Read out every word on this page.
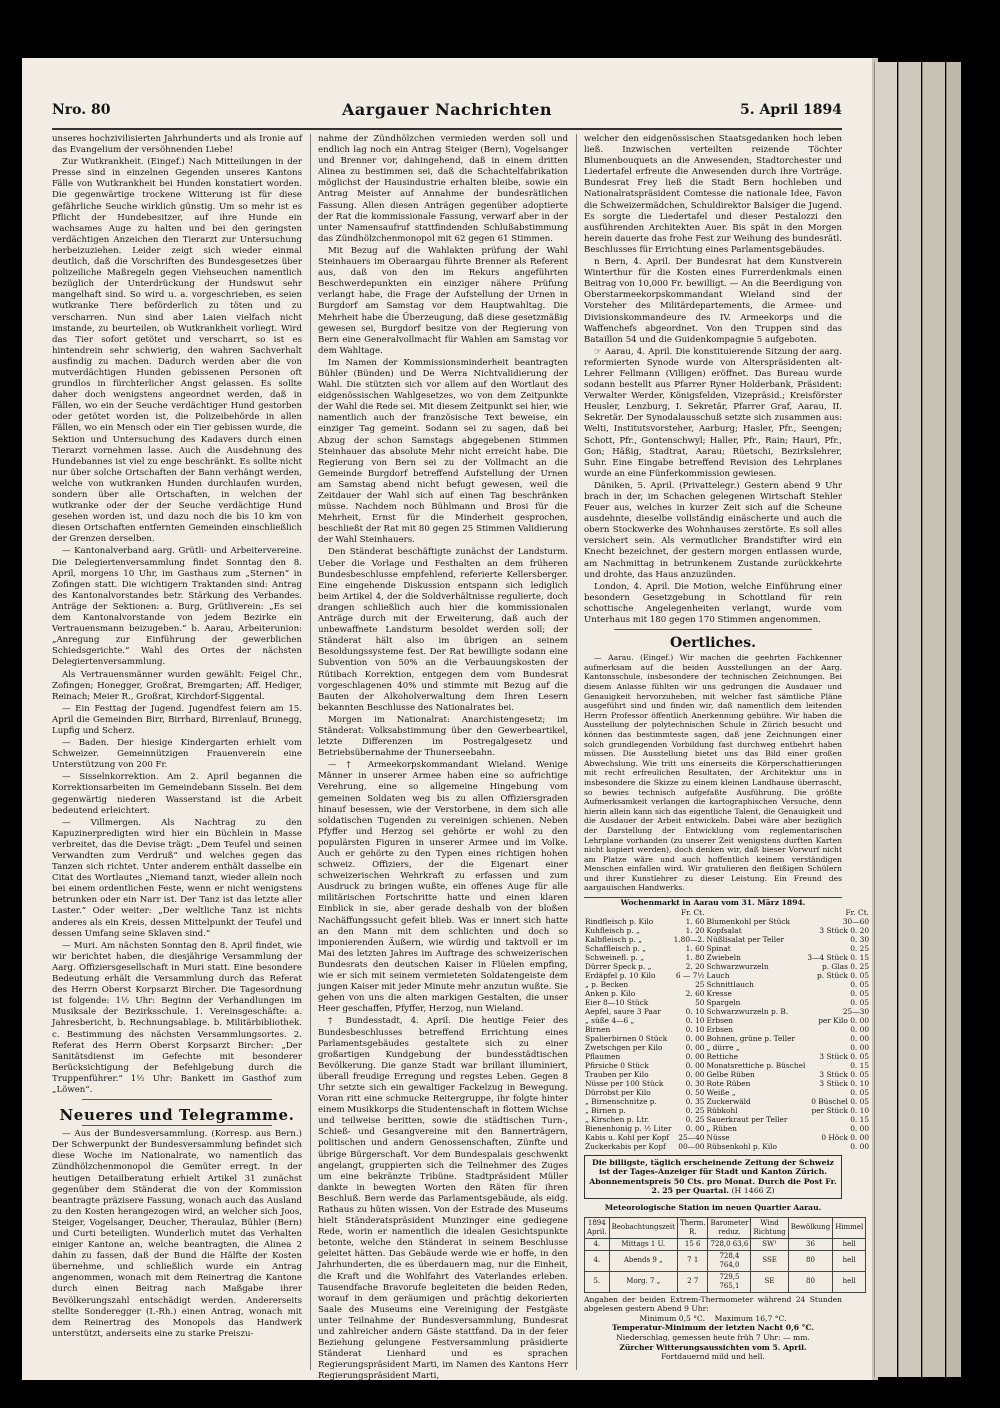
Nro. 80	Aargauer Nachrichten	5. April 1894

unseres hochzivilisierten Jahrhunderts und als Ironie auf das Evangelium der versöhnenden Liebe!

Zur Wutkrankheit. (Eingef.) Nach Mitteilungen in der Presse sind in einzelnen Gegenden unseres Kantons Fälle von Wutkrankheit bei Hunden konstatiert worden. Die gegenwärtige trockene Witterung ist für diese gefährliche Seuche wirklich günstig. Um so mehr ist es Pflicht der Hundebesitzer, auf ihre Hunde ein wachsames Auge zu halten und bei den geringsten verdächtigen Anzeichen den Tierarzt zur Untersuchung herbeizuziehen. Leider zeigt sich wieder einmal deutlich, daß die Vorschriften des Bundesgesetzes über polizeiliche Maßregeln gegen Viehseuchen namentlich bezüglich der Unterdrückung der Hundswut sehr mangelhaft sind. So wird u. a. vorgeschrieben, es seien wutkranke Tiere beförderlich zu töten und zu verscharren. Nun sind aber Laien vielfach nicht imstande, zu beurteilen, ob Wutkrankheit vorliegt. Wird das Tier sofort getötet und verscharrt, so ist es hintendrein sehr schwierig, den wahren Sachverhalt ausfindig zu machen. Dadurch werden aber die von mutverdächtigen Hunden gebissenen Personen oft grundlos in fürchterlicher Angst gelassen. Es sollte daher doch wenigstens angeordnet werden, daß in Fällen, wo ein der Seuche verdächtiger Hund gestorben oder getötet worden ist, die Polizeibehörde in allen Fällen, wo ein Mensch oder ein Tier gebissen wurde, die Sektion und Untersuchung des Kadavers durch einen Tierarzt vornehmen lasse. Auch die Ausdehnung des Hundebannes ist viel zu enge beschränkt. Es sollte nicht nur über solche Ortschaften der Bann verhängt werden, welche von wutkranken Hunden durchlaufen wurden, sondern über alle Ortschaften, in welchen der wutkranke oder der der Seuche verdächtige Hund gesehen worden ist, und dazu noch die bis 10 km von diesen Ortschaften entfernten Gemeinden einschließlich der Grenzen derselben.

— Kantonalverband aarg. Grütli- und Arbeitervereine. Die Delegiertenversammlung findet Sonntag den 8. April, morgens 10 Uhr, im Gasthaus zum „Sternen“ in Zofingen statt. Die wichtigern Traktanden sind: Antrag des Kantonalvorstandes betr. Stärkung des Verbandes. Anträge der Sektionen: a. Burg, Grütliverein: „Es sei dem Kantonalvorstande von jedem Bezirke ein Vertrauensmann beizugeben.“ b. Aarau, Arbeiterunion: „Anregung zur Einführung der gewerblichen Schiedsgerichte.“ Wahl des Ortes der nächsten Delegiertenversammlung.

Als Vertrauensmänner wurden gewählt: Feigel Chr., Zofingen; Honegger, Großrat, Bremgarten; Aff. Hediger, Reinach; Meier R., Großrat, Kirchdorf-Siggental.

— Ein Festtag der Jugend. Jugendfest feiern am 15. April die Gemeinden Birr, Birrhard, Birrenlauf, Brunegg, Lupfig und Scherz.

— Baden. Der hiesige Kindergarten erhielt vom Schweizer. Gemeinnützigen Frauenverein eine Unterstützung von 200 Fr.

— Sisselnkorrektion. Am 2. April begannen die Korrektionsarbeiten im Gemeindebann Sisseln. Bei dem gegenwärtig niederen Wasserstand ist die Arbeit bedeutend erleichtert.

— Villmergen. Als Nachtrag zu den Kapuzinerpredigten wird hier ein Büchlein in Masse verbreitet, das die Devise trägt: „Dem Teufel und seinen Verwandten zum Verdruß“ und welches gegen das Tanzen sich richtet. Unter anderem enthält dasselbe ein Citat des Wortlautes „Niemand tanzt, wieder allein noch bei einem ordentlichen Feste, wenn er nicht wenigstens betrunken oder ein Narr ist. Der Tanz ist das letzte aller Laster.“ Oder weiter: „Der weltliche Tanz ist nichts anderes als ein Kreis, dessen Mittelpunkt der Teufel und dessen Umfang seine Sklaven sind.“

— Muri. Am nächsten Sonntag den 8. April findet, wie wir berichtet haben, die diesjährige Versammlung der Aarg. Offiziersgesellschaft in Muri statt. Eine besondere Bedeutung erhält die Versammlung durch das Referat des Herrn Oberst Korpsarzt Bircher. Die Tagesordnung ist folgende: 1½ Uhr: Beginn der Verhandlungen im Musiksale der Bezirksschule. 1. Vereinsgeschäfte: a. Jahresbericht, b. Rechnungsablage. b. Militärbibliothek. c. Bestimmung des nächsten Versammlungsortes. 2. Referat des Herrn Oberst Korpsarzt Bircher: „Der Sanitätsdienst im Gefechte mit besonderer Berücksichtigung der Befehlgebung durch die Truppenführer.“ 1½ Uhr: Bankett im Gasthof zum „Löwen“.

Neueres und Telegramme.

— Aus der Bundesversammlung. (Korresp. aus Bern.) Der Schwerpunkt der Bundesversammlung befindet sich diese Woche im Nationalrate, wo namentlich das Zündhölzchenmonopol die Gemüter erregt. In der heutigen Detailberatung erhielt Artikel 31 zunächst gegenüber dem Ständerat die von der Kommission beantragte präzisere Fassung, wonach auch das Ausland zu den Kosten herangezogen wird, an welcher sich Joos, Steiger, Vogelsanger, Deucher, Theraulaz, Bühler (Bern) und Curti beteiligten. Wunderlich mutet das Verhalten einiger Kantone an, welche beantragten, die Alinea 2 dahin zu fassen, daß der Bund die Hälfte der Kosten übernehme, und schließlich wurde ein Antrag angenommen, wonach mit dem Reinertrag die Kantone durch einen Beitrag nach Maßgabe ihrer Bevölkerungszahl entschädigt werden. Andererseits stellte Sonderegger (I.-Rh.) einen Antrag, wonach mit dem Reinertrag des Monopols das Handwerk unterstützt, anderseits eine zu starke Preiszu-

nahme der Zündhölzchen vermieden werden soll und endlich lag noch ein Antrag Steiger (Bern), Vogelsanger und Brenner vor, dahingehend, daß in einem dritten Alinea zu bestimmen sei, daß die Schachtelfabrikation möglichst der Hausindustrie erhalten bleibe, sowie ein Antrag Meister auf Annahme der bundesrätlichen Fassung. Allen diesen Anträgen gegenüber adoptierte der Rat die kommissionale Fassung, verwarf aber in der unter Namensaufruf stattfindenden Schlußabstimmung das Zündhölzchenmonopol mit 62 gegen 61 Stimmen.

Mit Bezug auf die Wahlakten prüfung der Wahl Steinhauers im Oberaargau führte Brenner als Referent aus, daß von den im Rekurs angeführten Beschwerdepunkten ein einziger nähere Prüfung verlangt habe, die Frage der Aufstellung der Urnen in Burgdorf am Samstag vor dem Hauptwahltag. Die Mehrheit habe die Überzeugung, daß diese gesetzmäßig gewesen sei, Burgdorf besitze von der Regierung von Bern eine Generalvollmacht für Wahlen am Samstag vor dem Wahltage.

Im Namen der Kommissionsminderheit beantragten Bühler (Bünden) und De Werra Nichtvalidierung der Wahl. Die stützten sich vor allem auf den Wortlaut des eidgenössischen Wahlgesetzes, wo von dem Zeitpunkte der Wahl die Rede sei. Mit diesem Zeitpunkt sei hier, wie namentlich auch der französische Text beweise, ein einziger Tag gemeint. Sodann sei zu sagen, daß bei Abzug der schon Samstags abgegebenen Stimmen Steinhauer das absolute Mehr nicht erreicht habe. Die Regierung von Bern sei zu der Vollmacht an die Gemeinde Burgdorf betreffend Aufstellung der Urnen am Samstag abend nicht befugt gewesen, weil die Zeitdauer der Wahl sich auf einen Tag beschränken müsse. Nachdem noch Bühlmann und Brosi für die Mehrheit, Ernst für die Minderheit gesprochen, beschließt der Rat mit 80 gegen 25 Stimmen Validierung der Wahl Steinhauers.

Den Ständerat beschäftigte zunächst der Landsturm. Ueber die Vorlage und Festhalten an dem früheren Bundesbeschlusse empfehlend, referierte Kellersberger. Eine eingehende Diskussion entspann sich lediglich beim Artikel 4, der die Soldverhältnisse regulierte, doch drangen schließlich auch hier die kommissionalen Anträge durch mit der Erweiterung, daß auch der unbewaffnete Landsturm besoldet werden soll; der Ständerat hält also im übrigen an seinem Besoldungssysteme fest. Der Rat bewilligte sodann eine Subvention von 50% an die Verbauungskosten der Rütibach Korrektion, entgegen dem vom Bundesrat vorgeschlagenen 40% und stimmte mit Bezug auf die Bauten der Alkoholverwaltung dem Ihren Lesern bekannten Beschlusse des Nationalrates bei.

Morgen im Nationalrat: Anarchistengesetz; im Ständerat: Volksabstimmung über den Gewerbeartikel, letzte Differenzen im Postregalgesetz und Betriebsübernahme der Thunerseebahn.

— † Armeekorpskommandant Wieland. Wenige Männer in unserer Armee haben eine so aufrichtige Verehrung, eine so allgemeine Hingebung vom gemeinen Soldaten weg bis zu allen Offiziersgraden hinauf besessen, wie der Verstorbene, in dem sich alle soldatischen Tugenden zu vereinigen schienen. Neben Pfyffer und Herzog sei gehörte er wohl zu den populärsten Figuren in unserer Armee und im Volke. Auch er gehörte zu den Typen eines richtigen hohen schweiz. Offiziers, der die Eigenart einer schweizerischen Wehrkraft zu erfassen und zum Ausdruck zu bringen wußte, ein offenes Auge für alle militärischen Fortschritte hatte und einen klaren Einblick in sie, aber gerade deshalb von der bloßen Nachäffungssucht gefeit blieb. Was er innert sich hatte an den Mann mit dem schlichten und doch so imponierenden Äußern, wie würdig und taktvoll er im Mai des letzten Jahres im Auftrage des schweizerischen Bundesrats den deutschen Kaiser in Flüelen empfing, wie er sich mit seinem vermieteten Soldatengeiste dem jungen Kaiser mit jeder Minute mehr anzutun wußte. Sie gehen von uns die alten markigen Gestalten, die unser Heer geschaffen, Pfyffer, Herzog, nun Wieland.

† Bundesstadt, 4. April. Die heutige Feier des Bundesbeschlusses betreffend Errichtung eines Parlamentsgebäudes gestaltete sich zu einer großartigen Kundgebung der bundesstädtischen Bevölkerung. Die ganze Stadt war brillant illuminiert, überall freudige Erregung und regstes Leben. Gegen 8 Uhr setzte sich ein gewaltiger Fackelzug in Bewegung. Voran ritt eine schmucke Reitergruppe, ihr folgte hinter einem Musikkorps die Studentenschaft in flottem Wichse und teilweise beritten, sowie die städtischen Turn-, Schieß- und Gesangvereine mit den Bannerträgern, politischen und andern Genossenschaften, Zünfte und übrige Bürgerschaft. Vor dem Bundespalais geschwenkt angelangt, gruppierten sich die Teilnehmer des Zuges um eine bekränzte Tribüne. Stadtpräsident Müller dankte in bewegten Worten den Räten für ihren Beschluß. Bern werde das Parlamentsgebäude, als eidg. Rathaus zu hüten wissen. Von der Estrade des Museums hielt Ständeratspräsident Munzinger eine gediegene Rede, worin er namentlich die idealen Gesichtspunkte betonte, welche den Ständerat in seinem Beschlusse geleitet hätten. Das Gebäude werde wie er hoffe, in den Jahrhunderten, die es überdauern mag, nur die Einheit, die Kraft und die Wohlfahrt des Vaterlandes erleben. Tausendfache Bravorufe begleiteten die beiden Reden, worauf in dem geräumigen und prächtig dekorierten Saale des Museums eine Vereinigung der Festgäste unter Teilnahme der Bundesversammlung, Bundesrat und zahlreicher andern Gäste stattfand. Da in der feier Beziehung gelungene Festversammlung präsidierte Ständerat Lienhard und es sprachen Regierungspräsident Marti, im Namen des Kantons Herr Regierungspräsident Marti,

welcher den eidgenössischen Staatsgedanken hoch leben ließ. Inzwischen verteilten reizende Töchter Blumenbouquets an die Anwesenden, Stadtorchester und Liedertafel erfreute die Anwesenden durch ihre Vorträge. Bundesrat Frey ließ die Stadt Bern hochleben und Nationalratspräsident Comtesse die nationale Idee, Favon die Schweizermädchen, Schuldirektor Balsiger die Jugend. Es sorgte die Liedertafel und dieser Pestalozzi den ausführenden Architekten Auer. Bis spät in den Morgen herein dauerte das frohe Fest zur Weihung des bundesrätl. Beschlusses für Errichtung eines Parlamentsgebäudes.

n Bern, 4. April. Der Bundesrat hat dem Kunstverein Winterthur für die Kosten eines Furrerdenkmals einen Beitrag von 10,000 Fr. bewilligt. — An die Beerdigung von Oberstarmeekorpskommandant Wieland sind der Vorsteher des Militärdepartements, die Armee- und Divisionskommandeure des IV. Armeekorps und die Waffenchefs abgeordnet. Von den Truppen sind das Bataillon 54 und die Guidenkompagnie 5 aufgeboten.

☞ Aarau, 4. April. Die konstituierende Sitzung der aarg. reformierten Synode wurde von Alterspräsidenten alt-Lehrer Fellmann (Villigen) eröffnet. Das Bureau wurde sodann bestellt aus Pfarrer Ryner Holderbank, Präsident: Verwalter Werder, Königsfelden, Vizepräsid.; Kreisförster Heusler, Lenzburg, I. Sekretär, Pfarrer Graf, Aarau, II. Sekretär. Der Synodalausschuß setzte sich zusammen aus: Welti, Institutsvorsteher, Aarburg; Hasler, Pfr., Seengen; Schott, Pfr., Gontenschwyl; Haller, Pfr., Rain; Hauri, Pfr., Gon; Häßig, Stadtrat, Aarau; Rüetschi, Bezirkslehrer, Suhr. Eine Eingabe betreffend Revision des Lehrplanes wurde an eine Fünferkommission gewiesen.

Däniken, 5. April. (Privattelegr.) Gestern abend 9 Uhr brach in der, im Schachen gelegenen Wirtschaft Stehler Feuer aus, welches in kurzer Zeit sich auf die Scheune ausdehnte, dieselbe vollständig einäscherte und auch die obern Stockwerke des Wohnhauses zerstörte. Es soll alles versichert sein. Als vermutlicher Brandstifter wird ein Knecht bezeichnet, der gestern morgen entlassen wurde, am Nachmittag in betrunkenem Zustande zurückkehrte und drohte, das Haus anzuzünden.

London, 4. April. Die Motion, welche Einführung einer besondern Gesetzgebung in Schottland für rein schottische Angelegenheiten verlangt, wurde vom Unterhaus mit 180 gegen 170 Stimmen angenommen.

Oertliches.

— Aarau. (Eingef.) Wir machen die geehrten Fachkenner aufmerksam auf die beiden Ausstellungen an der Aarg. Kantonsschule, insbesondere der technischen Zeichnungen. Bei diesem Anlasse fühlten wir uns gedrungen die Ausdauer und Genauigkeit hervorzuheben, mit welcher fast sämtliche Pläne ausgeführt sind und finden wir, daß namentlich dem leitenden Herrn Professor öffentlich Anerkennung gebühre. Wir haben die Ausstellung der polytechnischen Schule in Zürich besucht und können das bestimmteste sagen, daß jene Zeichnungen einer solch grundlegenden Vorbildung fast durchweg entbehrt haben müssen. Die Ausstellung bietet uns das Bild einer großen Abwechslung. Wie tritt uns einerseits die Körperschattierungen mit recht erfreulichen Resultaten, der Architektur uns in insbesondere die Skizze zu einem kleinen Landhause überrascht, so bewies technisch aufgefaßte Ausführung. Die größte Aufmerksamkeit verlangen die kartographischen Versuche, denn hierin allein kann sich das eigentliche Talent, die Genauigkeit und die Ausdauer der Arbeit entwickeln. Dabei wäre aber bezüglich der Darstellung der Entwicklung vom reglementarischen Lehrplane vorhanden (zu unserer Zeit wenigstens durften Karten nicht kopiert werden), doch denken wir, daß bieser Vorwurf nicht am Platze wäre und auch hoffentlich keinem verständigen Menschen einfallen wird. Wir gratulieren den fleißigen Schülern und ihrer Kunstlehrer zu dieser Leistung. Ein Freund des aargauischen Handwerks.

Wochenmarkt in Aarau vom 31. März 1894.
	Fr. Ct.		Fr. Ct.
Rindfleisch p. Kilo	1. 60	Blumenkohl per Stück	30—60
Kuhfleisch p. „	1. 20	Kopfsalat	3 Stück 0. 20
Kalbfleisch p. „	1.80—2.	Nüßlisalat per Teller	0. 30
Schaffleisch p. „	1. 60	Spinat	0. 25
Schweinefl. p. „	1. 80	Zwiebeln	3—4 Stück 0. 15
Dürrer Speck p. „	2. 20	Schwarzwurzeln	p. Glas 0. 25
Erdäpfel p. 10 Kilo	6 — 7½	Lauch	p. Stück 0. 05
„ p. Becken	25	Schnittlauch	0. 05
Anken p. Kilo	2. 60	Kresse	0. 05
Eier 8—10 Stück	50	Spargeln	0. 05
Aepfel, saure 3 Paar	0. 10	Schwarzwurzeln p. B.	25—30
„ süße 4—6 „	0. 10	Erbsen	per Kilo 0. 00
Birnen	0. 10	Erbsen	0. 00
Spalierbirnen 0 Stück	0. 00	Bohnen, grüne p. Teller	0. 00
Zwetschgen per Kilo	0. 00	„ dürre „	0. 00
Pflaumen	0. 00	Rettiche	3 Stück 0. 05
Pfirsiche 0 Stück	0. 00	Monatsrettiche p. Büschel	0. 15
Trauben per Kilo	0. 00	Gelbe Rüben	3 Stück 0. 05
Nüsse per 100 Stück	0. 30	Rote Rüben	3 Stück 0. 10
Dürrobst per Kilo	0. 50	Weiße „	0. 05
„ Birnenschnitze p.	0. 35	Zuckerwäld	0 Büschel 0. 05
„ Birnen p.	0. 25	Rübkohl	per Stück 0. 10
„ Kirschen p. Ltr.	0. 25	Sauerkraut per Teller	0. 15
Bienenhonig p. ½ Liter	0. 00	„ Rüben	0. 00
Kabis u. Kohl per Kopf	25—40	Nüsse	0 Höck 0. 00
Zuckerkabis per Kopf	00—00	Rübsenkohl p. Kilo	0. 00
Die billigste, täglich erscheinende Zeitung der Schweiz ist der Tages-Anzeiger für Stadt und Kanton Zürich. Abonnementspreis 50 Cts. pro Monat. Durch die Post Fr. 2. 25 per Quartal. (H 1466 Z)
Meteorologische Station im neuen Quartier Aarau.
1894 April.	Beobachtungszeit	Therm. R.	Barometer reduz.	Wind Richtung	Bewölkung	Himmel
4.	Mittags 1 U.	15 6	728,0 63,6	SW¹	36	hell
4.	Abends 9 „	7 1	728,4 764,0	SSE	80	hell
5.	Morg. 7 „	2 7	729,5 765,1	SE	80	hell
Angaben der beiden Extrem-Thermometer während 24 Stunden abgelesen gestern Abend 9 Uhr:
Minimum 0,5 °C. Maximum 16,7 °C.
Temperatur-Minimum der letzten Nacht 0,6 °C.
Niederschlag, gemessen heute früh 7 Uhr: — mm.
Zürcher Witterungsaussichten vom 5. April.
Fortdauernd mild und hell.
